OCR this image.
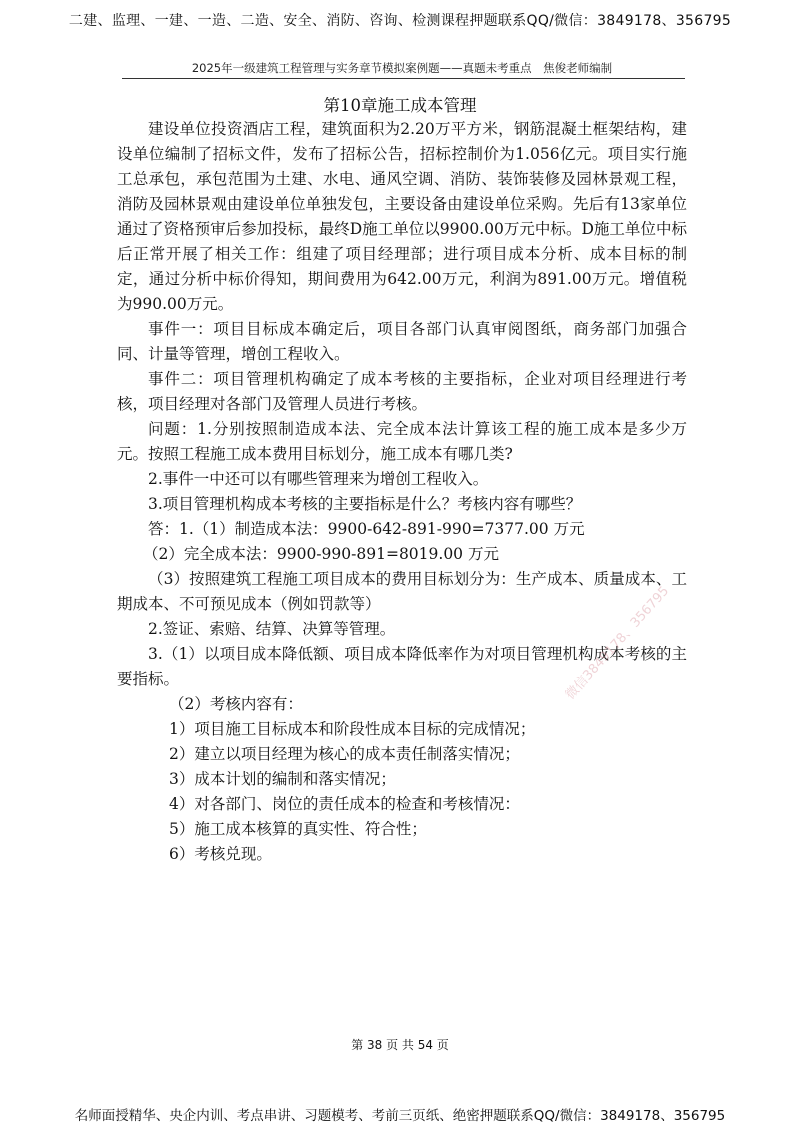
二建、监理、一建、一造、二造、安全、消防、咨询、检测课程押题联系QQ/微信：3849178、356795
2025年一级建筑工程管理与实务章节模拟案例题——真题未考重点　焦俊老师编制
第10章施工成本管理

建设单位投资酒店工程，建筑面积为2.20万平方米，钢筋混凝土框架结构，建设单位编制了招标文件，发布了招标公告，招标控制价为1.056亿元。项目实行施工总承包，承包范围为土建、水电、通风空调、消防、装饰装修及园林景观工程，消防及园林景观由建设单位单独发包，主要设备由建设单位采购。先后有13家单位通过了资格预审后参加投标，最终D施工单位以9900.00万元中标。D施工单位中标后正常开展了相关工作：组建了项目经理部；进行项目成本分析、成本目标的制定，通过分析中标价得知，期间费用为642.00万元，利润为891.00万元。增值税为990.00万元。

事件一：项目目标成本确定后，项目各部门认真审阅图纸，商务部门加强合同、计量等管理，增创工程收入。

事件二：项目管理机构确定了成本考核的主要指标，企业对项目经理进行考核，项目经理对各部门及管理人员进行考核。

问题：1.分别按照制造成本法、完全成本法计算该工程的施工成本是多少万元。按照工程施工成本费用目标划分，施工成本有哪几类?

2.事件一中还可以有哪些管理来为增创工程收入。

3.项目管理机构成本考核的主要指标是什么？考核内容有哪些？

答：1.（1）制造成本法：9900-642-891-990=7377.00 万元

（2）完全成本法：9900-990-891=8019.00 万元

（3）按照建筑工程施工项目成本的费用目标划分为：生产成本、质量成本、工期成本、不可预见成本（例如罚款等）

2.签证、索赔、结算、决算等管理。

3.（1）以项目成本降低额、项目成本降低率作为对项目管理机构成本考核的主要指标。

（2）考核内容有：

1）项目施工目标成本和阶段性成本目标的完成情况；

2）建立以项目经理为核心的成本责任制落实情况；

3）成本计划的编制和落实情况；

4）对各部门、岗位的责任成本的检查和考核情况：

5）施工成本核算的真实性、符合性；

6）考核兑现。

微信3849178、356795
第 38 页 共 54 页
名师面授精华、央企内训、考点串讲、习题模考、考前三页纸、绝密押题联系QQ/微信：3849178、356795
